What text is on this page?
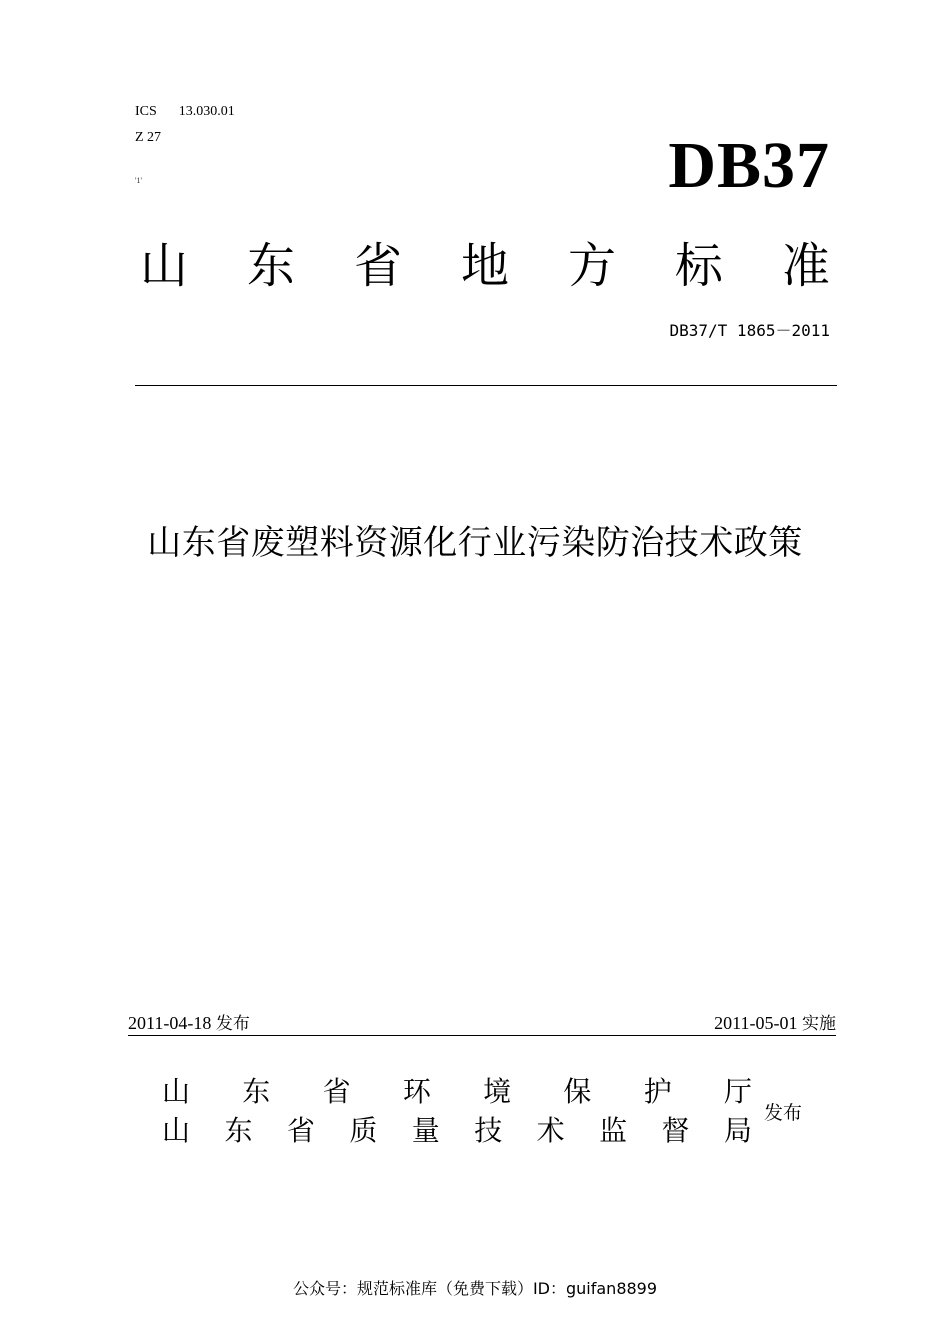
ICS 13.030.01
Z 27
'1'	DB37
山 东 省 地 方 标 准
DB37/T 1865－2011
山东省废塑料资源化行业污染防治技术政策
2011-04-18 发布	2011-05-01 实施
山 东 省 环 境 保 护 厅
山 东 省 质 量 技 术 监 督 局
发布
公众号：规范标准库（免费下载）ID：guifan8899
